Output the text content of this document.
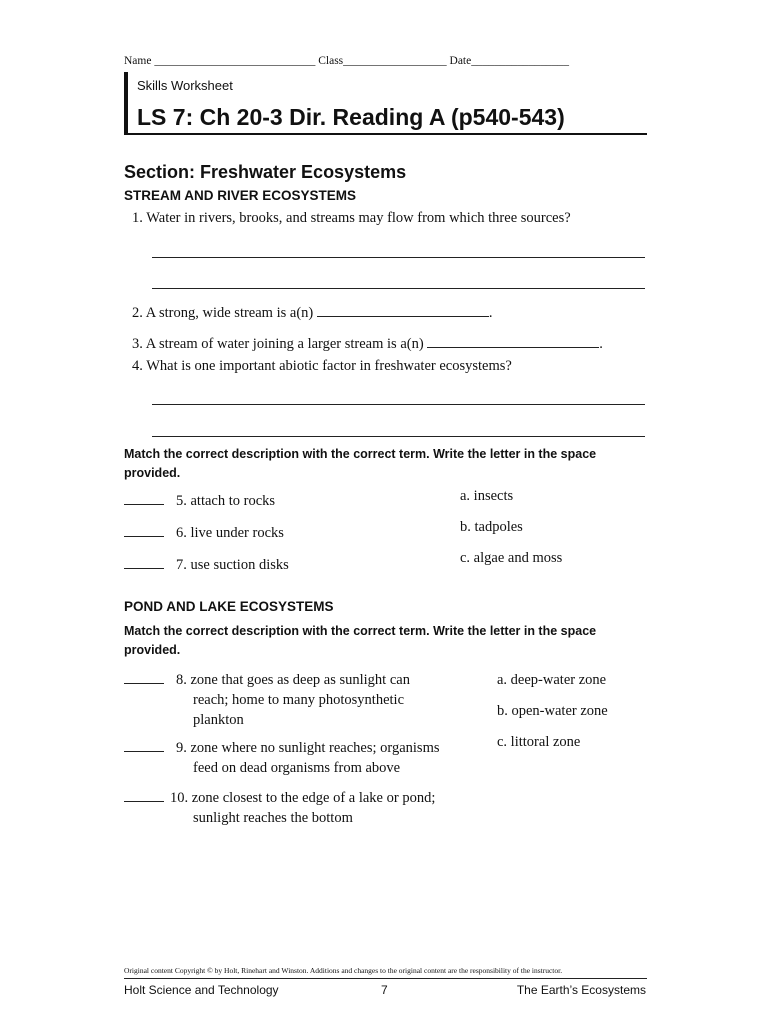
Name ____________________________ Class__________________ Date_________________
Skills Worksheet
LS 7: Ch 20-3 Dir. Reading A (p540-543)
Section: Freshwater Ecosystems
STREAM AND RIVER ECOSYSTEMS
1. Water in rivers, brooks, and streams may flow from which three sources?
2. A strong, wide stream is a(n)	.
3. A stream of water joining a larger stream is a(n)	.
4. What is one important abiotic factor in freshwater ecosystems?
Match the correct description with the correct term. Write the letter in the space provided.
5. attach to rocks
6. live under rocks
7. use suction disks
a. insects
b. tadpoles
c. algae and moss
POND AND LAKE ECOSYSTEMS
Match the correct description with the correct term. Write the letter in the space provided.
8. zone that goes as deep as sunlight can
reach; home to many photosynthetic
plankton
9. zone where no sunlight reaches; organisms
feed on dead organisms from above
10. zone closest to the edge of a lake or pond;
sunlight reaches the bottom
a. deep-water zone
b. open-water zone
c. littoral zone
Original content Copyright © by Holt, Rinehart and Winston. Additions and changes to the original content are the responsibility of the instructor.
Holt Science and Technology	7	The Earth’s Ecosystems
